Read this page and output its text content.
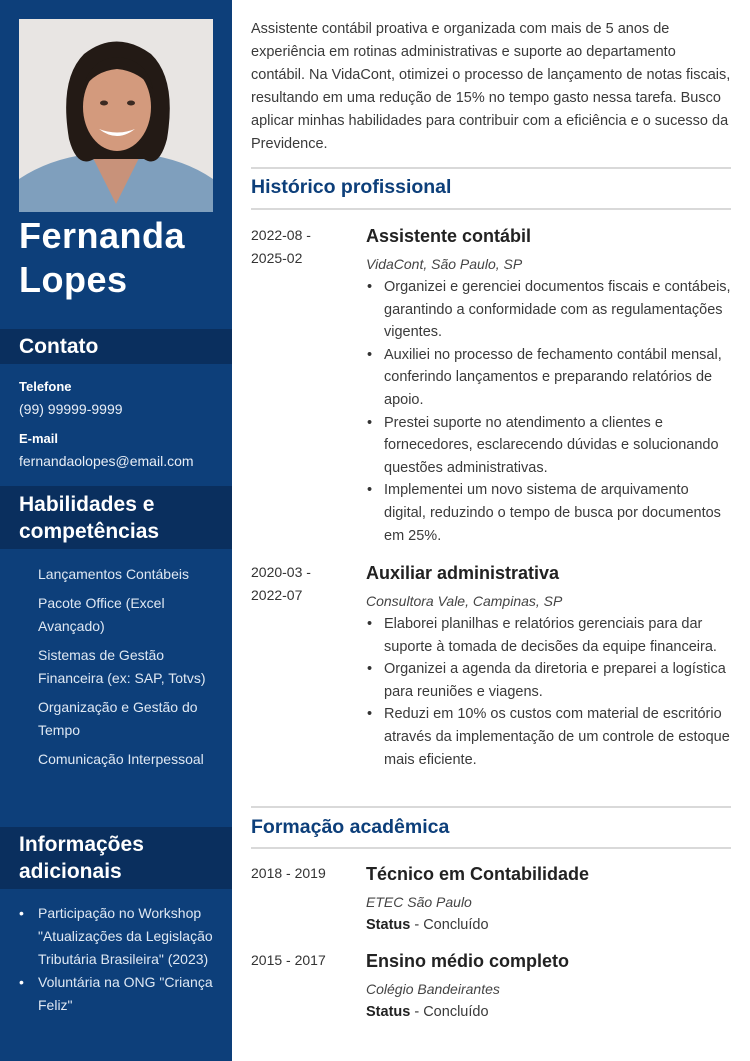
Fernanda
Lopes
Contato
Telefone
(99) 99999-9999
E-mail
fernandaolopes@email.com
Habilidades e
competências
Lançamentos Contábeis
Pacote Office (Excel Avançado)
Sistemas de Gestão Financeira (ex: SAP, Totvs)
Organização e Gestão do Tempo
Comunicação Interpessoal
Informações
adicionais
• Participação no Workshop "Atualizações da Legislação Tributária Brasileira" (2023)
• Voluntária na ONG "Criança Feliz"

Assistente contábil proativa e organizada com mais de 5 anos de experiência em rotinas administrativas e suporte ao departamento contábil. Na VidaCont, otimizei o processo de lançamento de notas fiscais, resultando em uma redução de 15% no tempo gasto nessa tarefa. Busco aplicar minhas habilidades para contribuir com a eficiência e o sucesso da Previdence.

Histórico profissional
2022-08 -
2025-02
Assistente contábil
VidaCont, São Paulo, SP
• Organizei e gerenciei documentos fiscais e contábeis, garantindo a conformidade com as regulamentações vigentes.
• Auxiliei no processo de fechamento contábil mensal, conferindo lançamentos e preparando relatórios de apoio.
• Prestei suporte no atendimento a clientes e fornecedores, esclarecendo dúvidas e solucionando questões administrativas.
• Implementei um novo sistema de arquivamento digital, reduzindo o tempo de busca por documentos em 25%.
2020-03 -
2022-07
Auxiliar administrativa
Consultora Vale, Campinas, SP
• Elaborei planilhas e relatórios gerenciais para dar suporte à tomada de decisões da equipe financeira.
• Organizei a agenda da diretoria e preparei a logística para reuniões e viagens.
• Reduzi em 10% os custos com material de escritório através da implementação de um controle de estoque mais eficiente.
Formação acadêmica
2018 - 2019	Técnico em Contabilidade
ETEC São Paulo
Status - Concluído
2015 - 2017	Ensino médio completo
Colégio Bandeirantes
Status - Concluído
